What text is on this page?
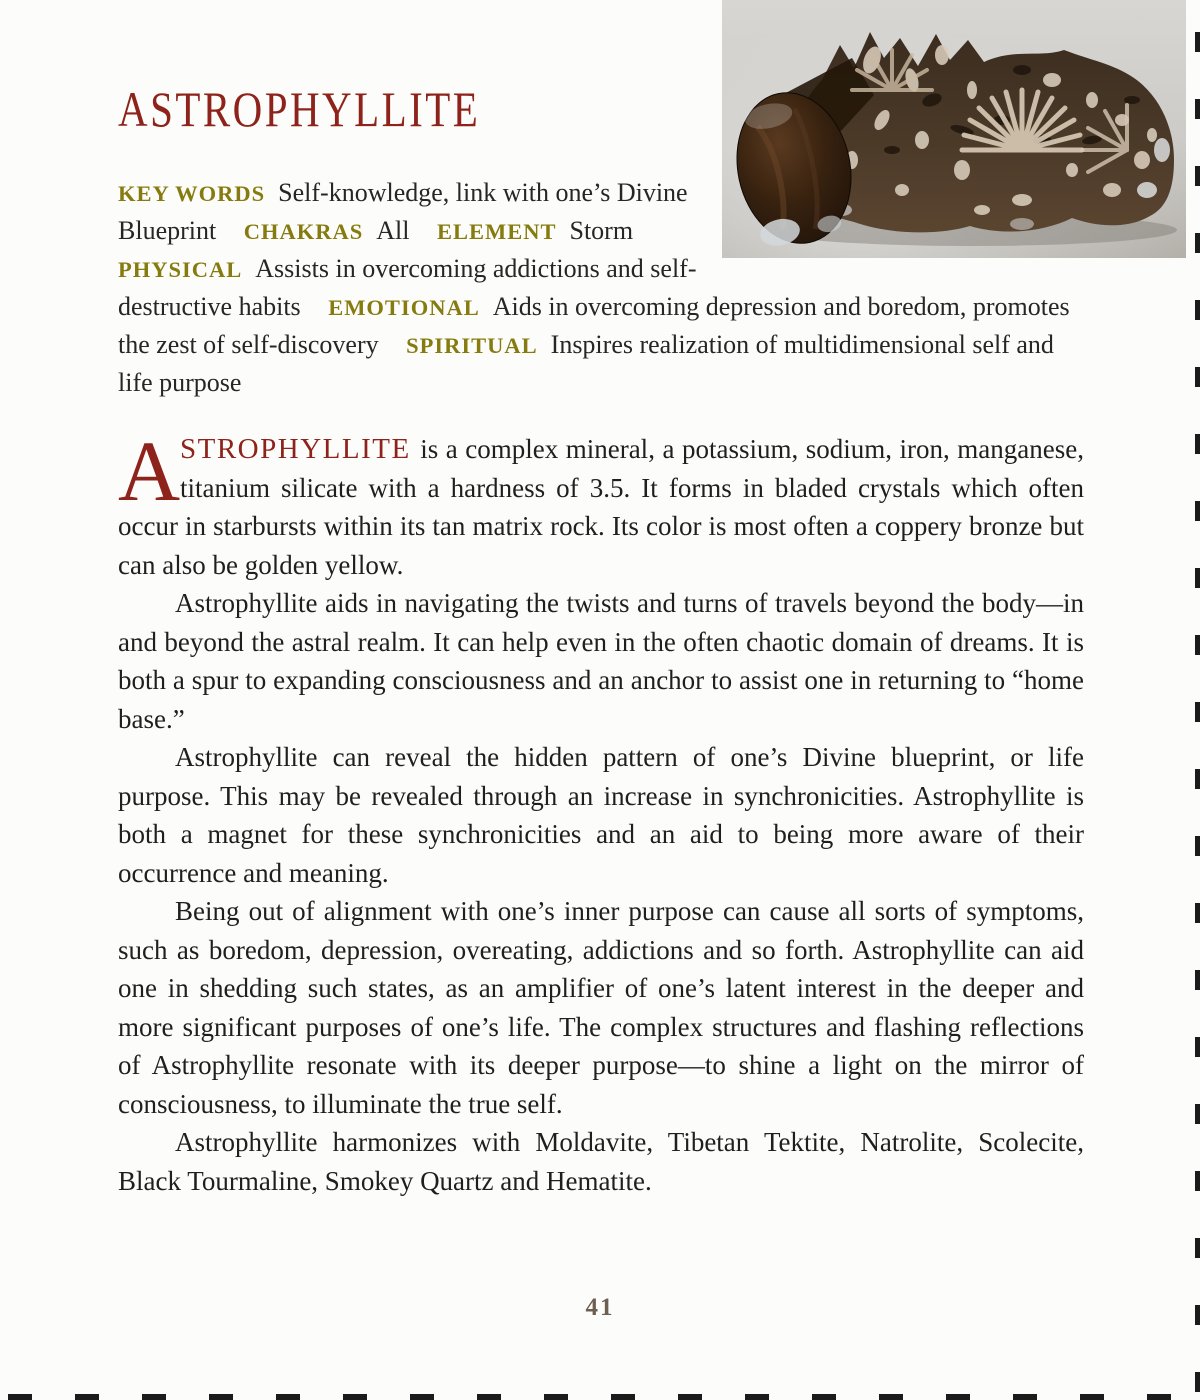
ASTROPHYLLITE

KEY WORDS Self-knowledge, link with one’s Divine Blueprint CHAKRAS All ELEMENT Storm PHYSICAL Assists in overcoming addictions and self-destructive habits EMOTIONAL Aids in overcoming depression and boredom, promotes the zest of self-discovery SPIRITUAL Inspires realization of multidimensional self and life purpose

ASTROPHYLLITE is a complex mineral, a potassium, sodium, iron, manganese, titanium silicate with a hardness of 3.5. It forms in bladed crystals which often occur in starbursts within its tan matrix rock. Its color is most often a coppery bronze but can also be golden yellow.

Astrophyllite aids in navigating the twists and turns of travels beyond the body—in and beyond the astral realm. It can help even in the often chaotic domain of dreams. It is both a spur to expanding consciousness and an anchor to assist one in returning to “home base.”

Astrophyllite can reveal the hidden pattern of one’s Divine blueprint, or life purpose. This may be revealed through an increase in synchronicities. Astrophyllite is both a magnet for these synchronicities and an aid to being more aware of their occurrence and meaning.

Being out of alignment with one’s inner purpose can cause all sorts of symptoms, such as boredom, depression, overeating, addictions and so forth. Astrophyllite can aid one in shedding such states, as an amplifier of one’s latent interest in the deeper and more significant purposes of one’s life. The complex structures and flashing reflections of Astrophyllite resonate with its deeper purpose—to shine a light on the mirror of consciousness, to illuminate the true self.

Astrophyllite harmonizes with Moldavite, Tibetan Tektite, Natrolite, Scolecite, Black Tourmaline, Smokey Quartz and Hematite.

41
